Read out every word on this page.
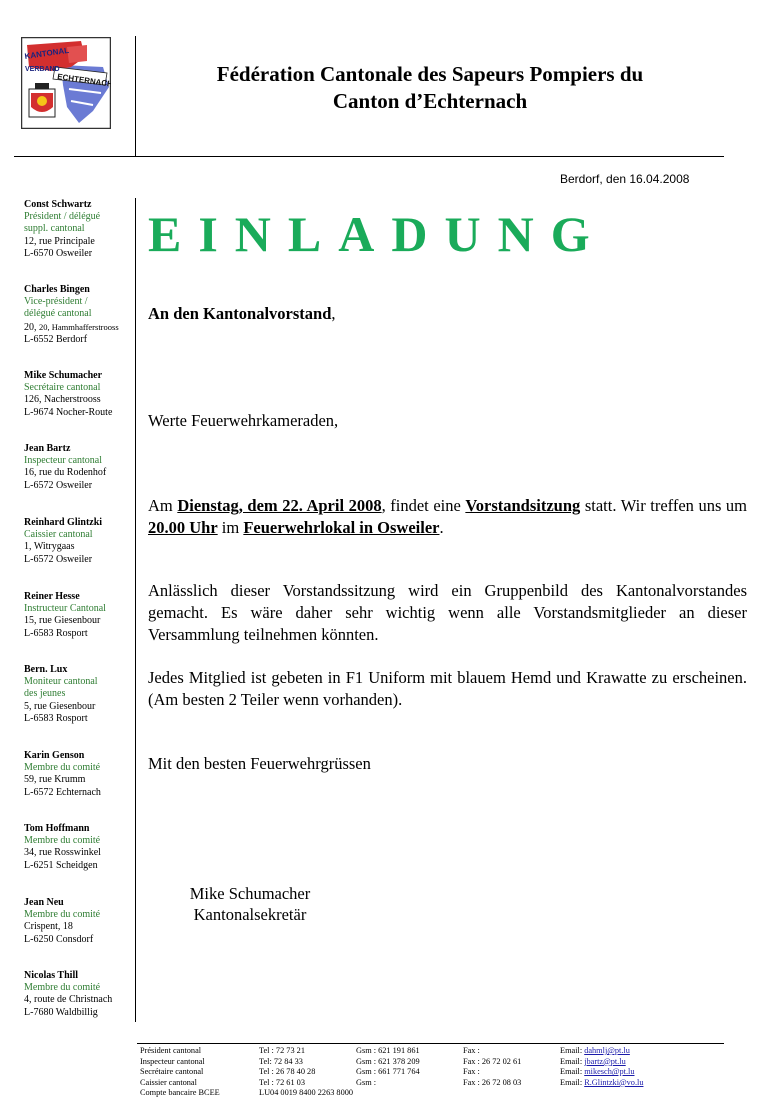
KANTONAL
VERBAND
ECHTERNACH	Fédération Cantonale des Sapeurs Pompiers du
Canton d’Echternach
Const Schwartz
Président / délégué
suppl. cantonal
12, rue Principale
L-6570 Osweiler
Charles Bingen
Vice-président /
délégué cantonal
20, 20, Hammhafferstrooss
L-6552 Berdorf
Mike Schumacher
Secrétaire cantonal
126, Nacherstrooss
L-9674 Nocher-Route
Jean Bartz
Inspecteur cantonal
16, rue du Rodenhof
L-6572 Osweiler
Reinhard Glintzki
Caissier cantonal
1, Witrygaas
L-6572 Osweiler
Reiner Hesse
Instructeur Cantonal
15, rue Giesenbour
L-6583 Rosport
Bern. Lux
Moniteur cantonal
des jeunes
5, rue Giesenbour
L-6583 Rosport
Karin Genson
Membre du comité
59, rue Krumm
L-6572 Echternach
Tom Hoffmann
Membre du comité
34, rue Rosswinkel
L-6251 Scheidgen
Jean Neu
Membre du comité
Crispent, 18
L-6250 Consdorf
Nicolas Thill
Membre du comité
4, route de Christnach
L-7680 Waldbillig
Berdorf, den 16.04.2008
EINLADUNG
An den Kantonalvorstand,
Werte Feuerwehrkameraden,
Am Dienstag, dem 22. April 2008, findet eine Vorstandsitzung statt. Wir treffen uns um 20.00 Uhr im Feuerwehrlokal in Osweiler.
Anlässlich dieser Vorstandssitzung wird ein Gruppenbild des Kantonalvorstandes gemacht. Es wäre daher sehr wichtig wenn alle Vorstandsmitglieder an dieser Versammlung teilnehmen könnten.
Jedes Mitglied ist gebeten in F1 Uniform mit blauem Hemd und Krawatte zu erscheinen. (Am besten 2 Teiler wenn vorhanden).
Mit den besten Feuerwehrgrüssen
Mike Schumacher
Kantonalsekretär
Président cantonal
Inspecteur cantonal
Secrétaire cantonal
Caissier cantonal
Compte bancaire BCEE
Tel : 72 73 21
Tel: 72 84 33
Tel : 26 78 40 28
Tel : 72 61 03
LU04 0019 8400 2263 8000
Gsm : 621 191 861
Gsm : 621 378 209
Gsm : 661 771 764
Gsm :
Fax :
Fax : 26 72 02 61
Fax :
Fax : 26 72 08 03
Email: dahmlj@pt.lu
Email: jbartz@pt.lu
Email: mikesch@pt.lu
Email: R.Glintzki@vo.lu
